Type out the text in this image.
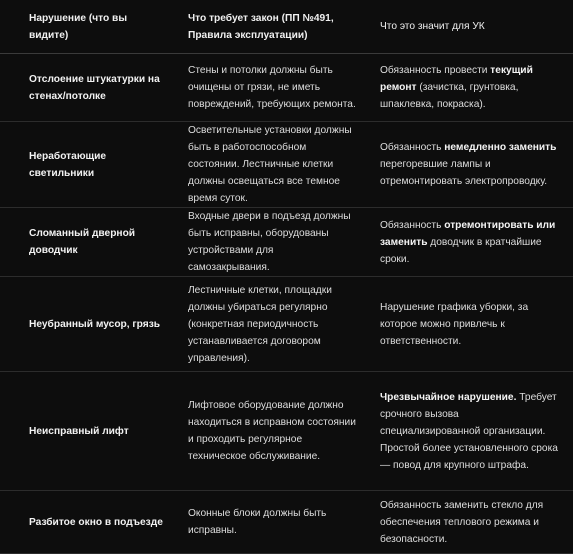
Нарушение (что вы видите)	Что требует закон (ПП №491, Правила эксплуатации)	Что это значит для УК
Отслоение штукатурки на стенах/потолке	Стены и потолки должны быть очищены от грязи, не иметь повреждений, требующих ремонта.	Обязанность провести текущий ремонт (зачистка, грунтовка, шпаклевка, покраска).
Неработающие светильники	Осветительные установки должны быть в работоспособном состоянии. Лестничные клетки должны освещаться все темное время суток.	Обязанность немедленно заменить перегоревшие лампы и отремонтировать электропроводку.
Сломанный дверной доводчик	Входные двери в подъезд должны быть исправны, оборудованы устройствами для самозакрывания.	Обязанность отремонтировать или заменить доводчик в кратчайшие сроки.
Неубранный мусор, грязь	Лестничные клетки, площадки должны убираться регулярно (конкретная периодичность устанавливается договором управления).	Нарушение графика уборки, за которое можно привлечь к ответственности.
Неисправный лифт	Лифтовое оборудование должно находиться в исправном состоянии и проходить регулярное техническое обслуживание.	Чрезвычайное нарушение. Требует срочного вызова специализированной организации. Простой более установленного срока — повод для крупного штрафа.
Разбитое окно в подъезде	Оконные блоки должны быть исправны.	Обязанность заменить стекло для обеспечения теплового режима и безопасности.
